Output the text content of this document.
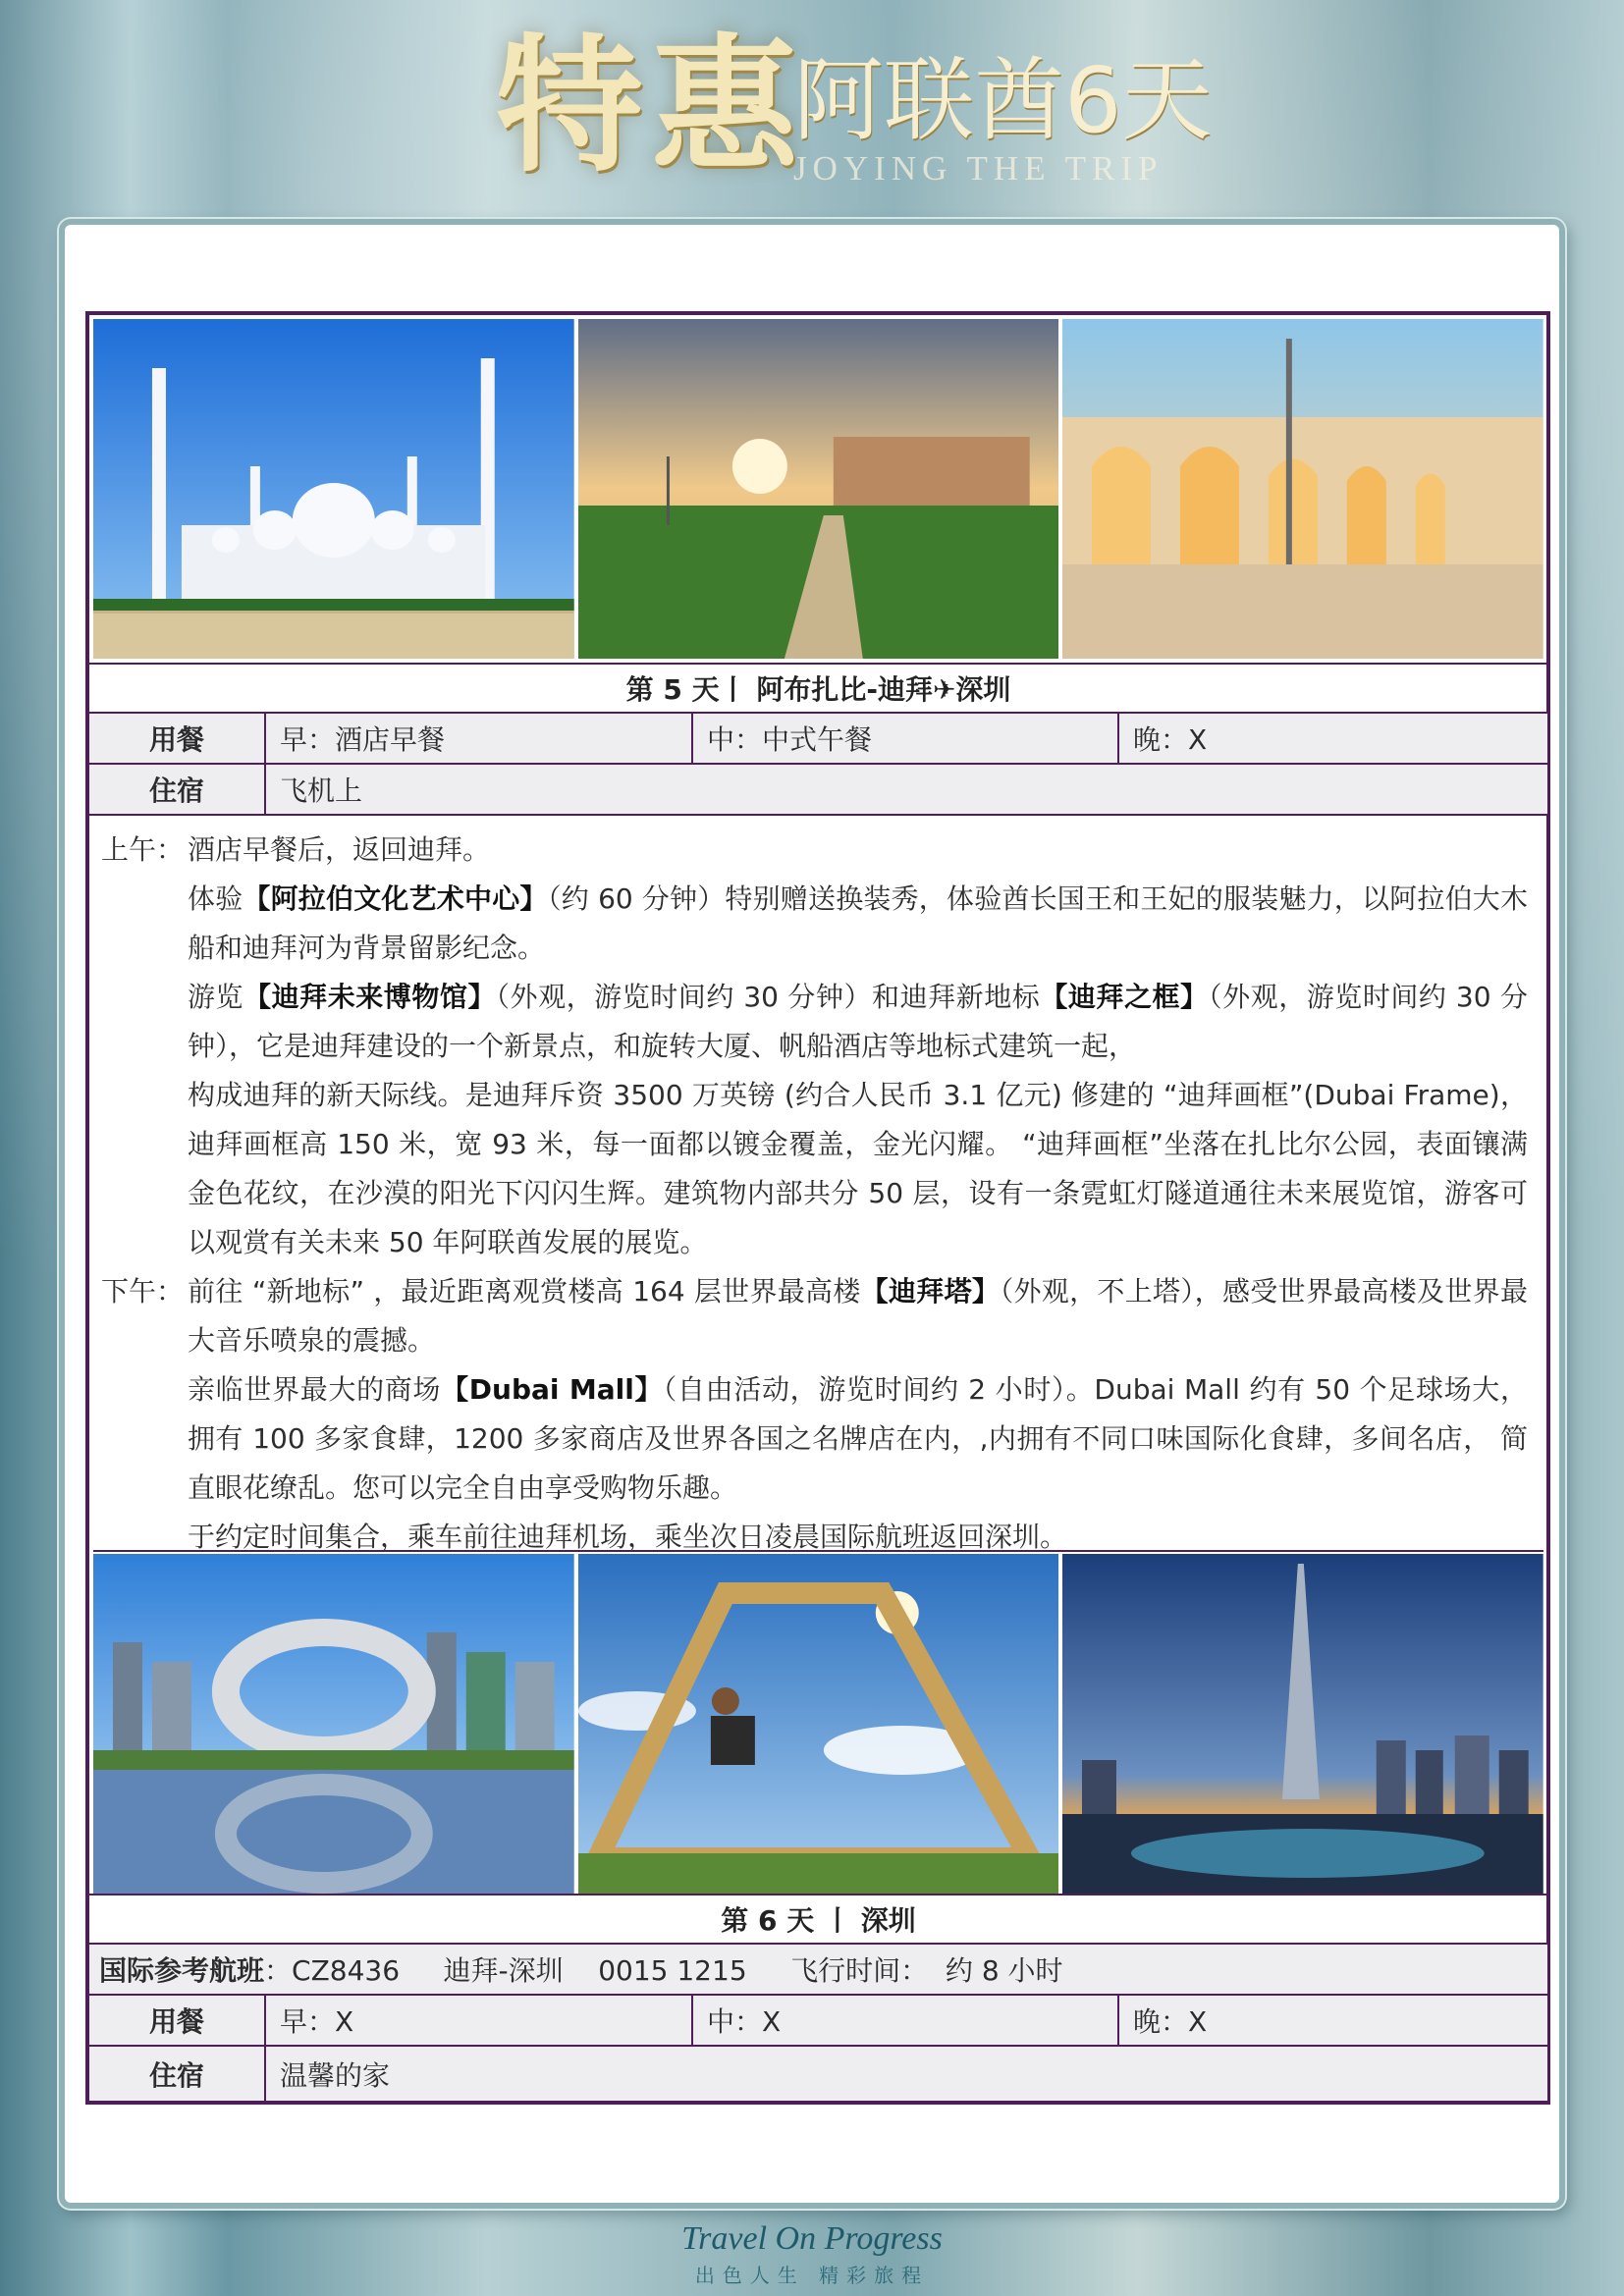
特惠
阿联酋6天
JOYING THE TRIP
第 5 天丨 阿布扎比-迪拜✈深圳
用餐	早：酒店早餐	中：中式午餐	晚：X
住宿	飞机上
上午： 酒店早餐后，返回迪拜。
体验【阿拉伯文化艺术中心】（约 60 分钟）特别赠送换装秀，体验酋长国王和王妃的服装魅力，以阿拉伯大木船和迪拜河为背景留影纪念。
游览【迪拜未来博物馆】（外观，游览时间约 30 分钟）和迪拜新地标【迪拜之框】（外观，游览时间约 30 分钟），它是迪拜建设的一个新景点，和旋转大厦、帆船酒店等地标式建筑一起，
构成迪拜的新天际线。是迪拜斥资 3500 万英镑 (约合人民币 3.1 亿元) 修建的 “迪拜画框”(Dubai Frame)，迪拜画框高 150 米，宽 93 米，每一面都以镀金覆盖，金光闪耀。 “迪拜画框”坐落在扎比尔公园，表面镶满金色花纹，在沙漠的阳光下闪闪生辉。建筑物内部共分 50 层，设有一条霓虹灯隧道通往未来展览馆，游客可以观赏有关未来 50 年阿联酋发展的展览。
下午： 前往 “新地标” ，最近距离观赏楼高 164 层世界最高楼【迪拜塔】（外观，不上塔），感受世界最高楼及世界最大音乐喷泉的震撼。
亲临世界最大的商场【Dubai Mall】（自由活动，游览时间约 2 小时）。Dubai Mall 约有 50 个足球场大，拥有 100 多家食肆，1200 多家商店及世界各国之名牌店在内，,内拥有不同口味国际化食肆，多间名店， 简直眼花缭乱。您可以完全自由享受购物乐趣。
于约定时间集合，乘车前往迪拜机场，乘坐次日凌晨国际航班返回深圳。
第 6 天 丨 深圳
国际参考航班 ：CZ8436     迪拜-深圳    0015 1215     飞行时间：  约 8 小时
用餐	早：X	中：X	晚：X
住宿	温馨的家
Travel On Progress
出色人生 精彩旅程
